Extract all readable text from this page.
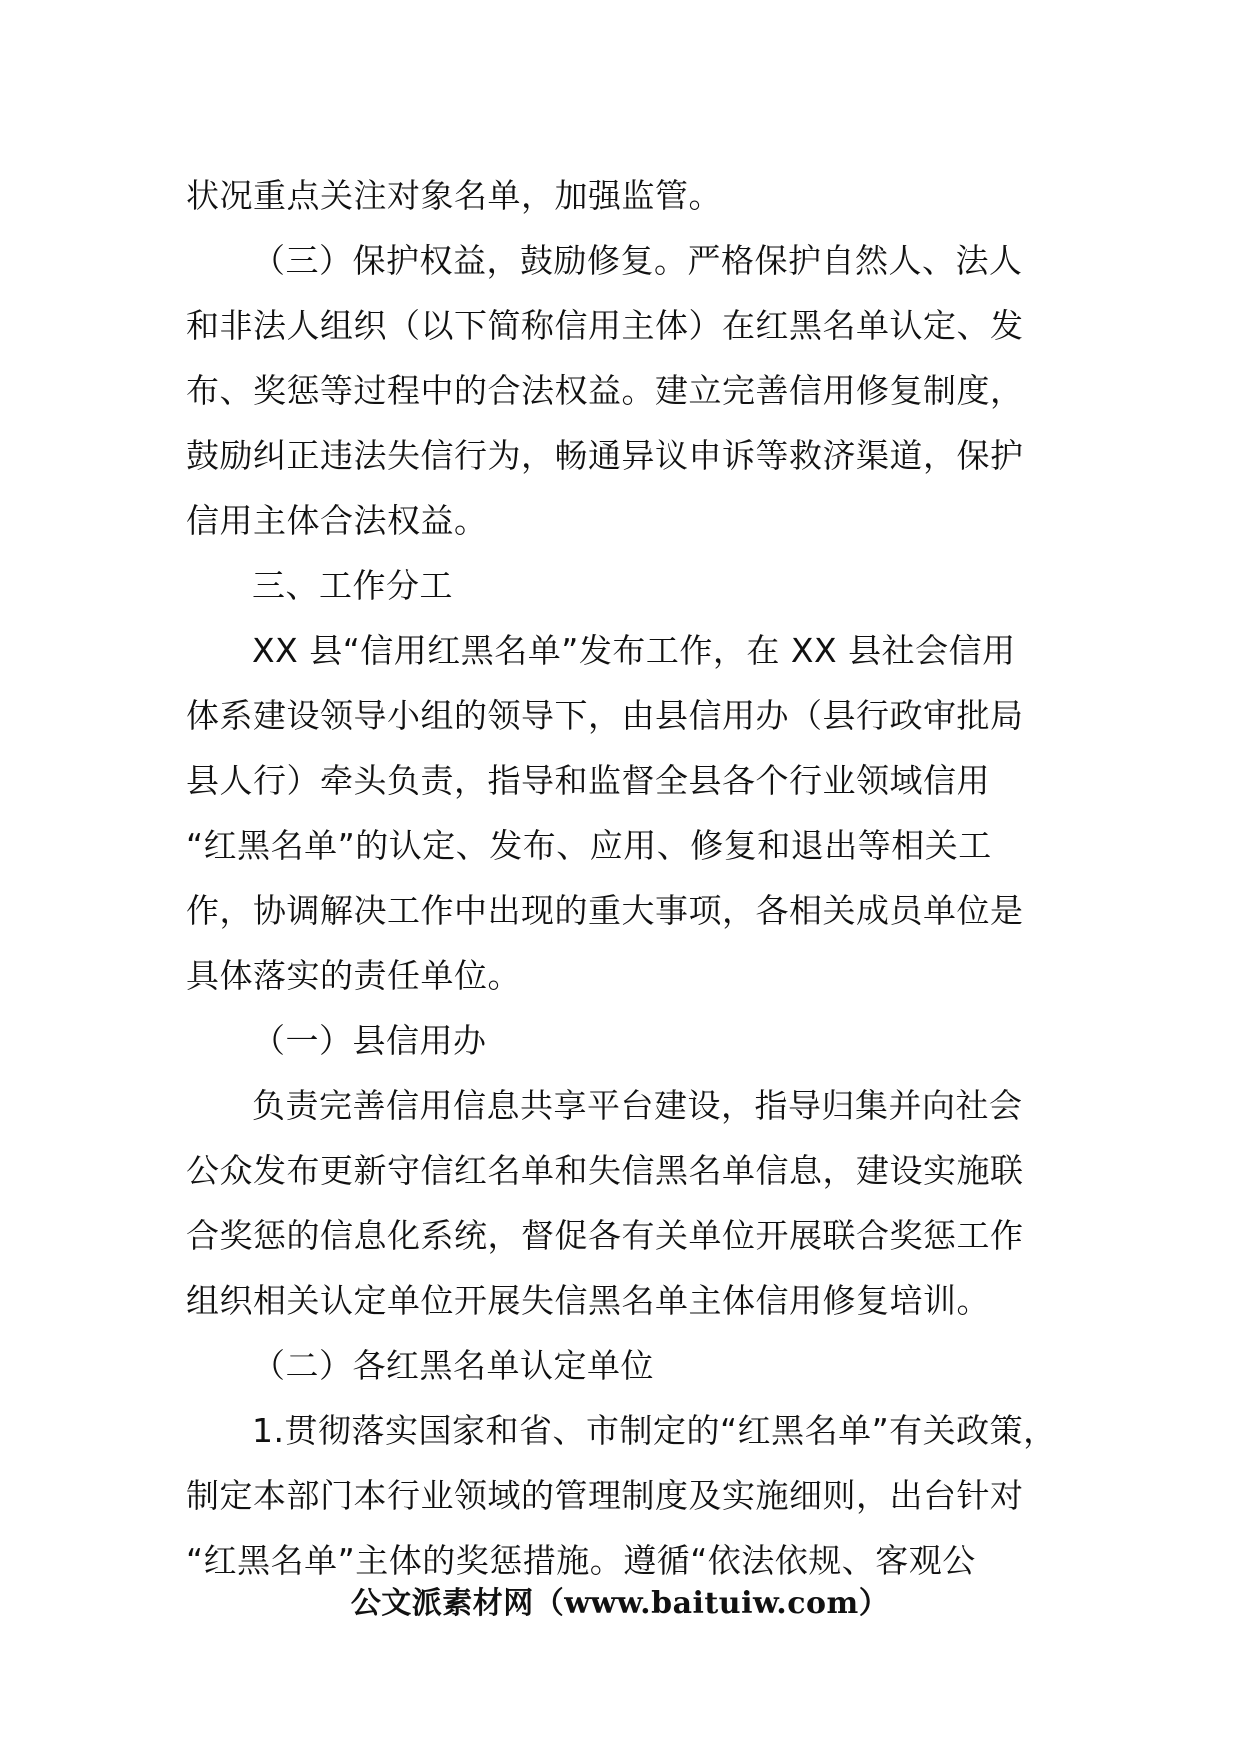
状况重点关注对象名单，加强监管。
（三）保护权益，鼓励修复。严格保护自然人、法人
和非法人组织（以下简称信用主体）在红黑名单认定、发
布、奖惩等过程中的合法权益。建立完善信用修复制度，
鼓励纠正违法失信行为，畅通异议申诉等救济渠道，保护
信用主体合法权益。
三、工作分工
XX 县“信用红黑名单”发布工作，在 XX 县社会信用
体系建设领导小组的领导下，由县信用办（县行政审批局
县人行）牵头负责，指导和监督全县各个行业领域信用
“红黑名单”的认定、发布、应用、修复和退出等相关工
作，协调解决工作中出现的重大事项，各相关成员单位是
具体落实的责任单位。
（一）县信用办
负责完善信用信息共享平台建设，指导归集并向社会
公众发布更新守信红名单和失信黑名单信息，建设实施联
合奖惩的信息化系统，督促各有关单位开展联合奖惩工作
组织相关认定单位开展失信黑名单主体信用修复培训。
（二）各红黑名单认定单位
1.贯彻落实国家和省、市制定的“红黑名单”有关政策，
制定本部门本行业领域的管理制度及实施细则，出台针对
“红黑名单”主体的奖惩措施。遵循“依法依规、客观公
公文派素材网（www.baituiw.com）
